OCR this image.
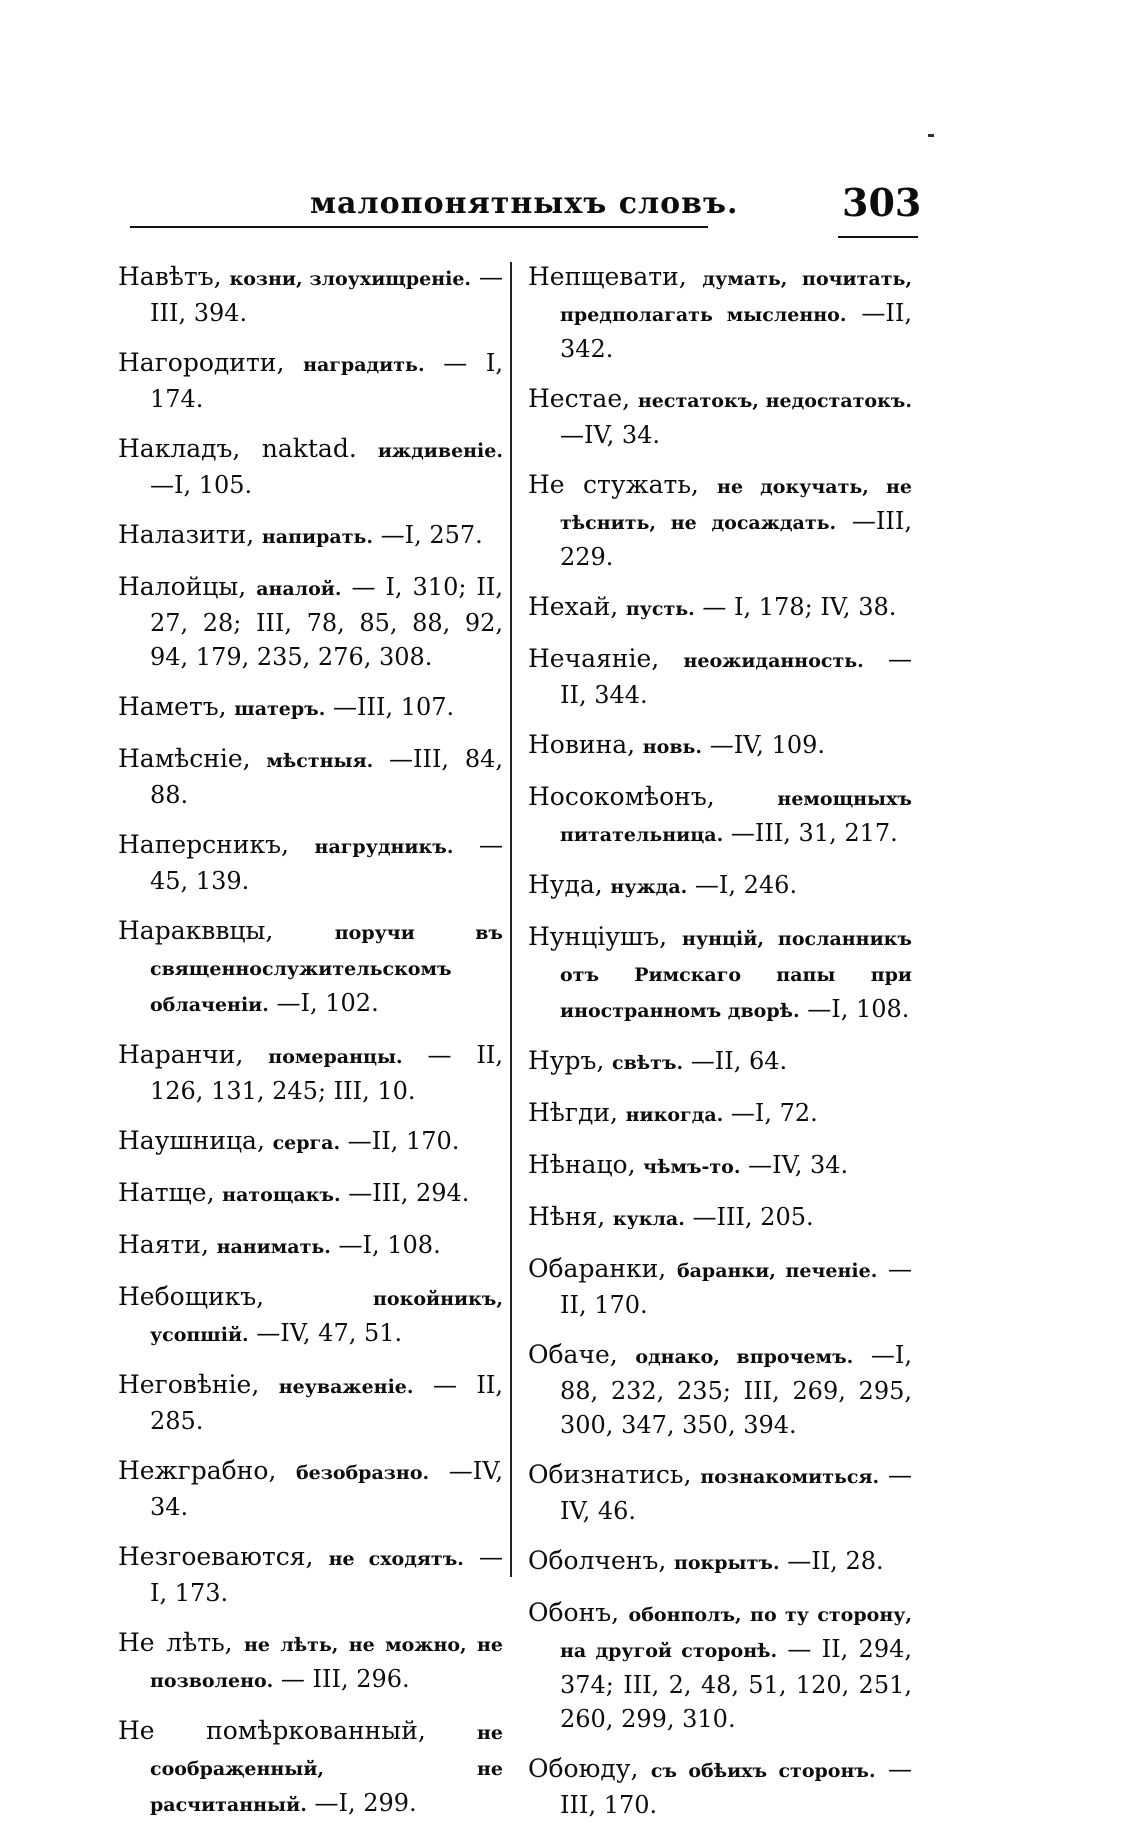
малопонятныхъ словъ.	303
Навѣтъ, козни, злоухищреніе. —III, 394.
Нагородити, наградить. — I, 174.
Накладъ, naktad. иждивеніе. —I, 105.
Налазити, напирать. —I, 257.
Налойцы, аналой. — I, 310; II, 27, 28; III, 78, 85, 88, 92, 94, 179, 235, 276, 308.
Наметъ, шатеръ. —III, 107.
Намѣсніе, мѣстныя. —III, 84, 88.
Наперсникъ, нагрудникъ. — 45, 139.
Наракввцы,	поручи въ священнослужительскомъ облаченіи. —I, 102.
Наранчи, померанцы. — II, 126, 131, 245; III, 10.
Наушница, серга. —II, 170.
Натще, натощакъ. —III, 294.
Наяти, нанимать. —I, 108.
Небощикъ,	покойникъ, усопшій. —IV, 47, 51.
Неговѣніе, неуваженіе. — II, 285.
Нежграбно, безобразно. —IV, 34.
Незгоеваются, не сходятъ. — I, 173.
Не лѣть, не лѣть, не можно, не позволено. — III, 296.
Не помѣркованный,	не сообраҗенный, не расчитанный. —I, 299.
Непщевати, думать, почитать, предполагать мысленно. —II, 342.
Нестае, нестатокъ, недостатокъ. —IV, 34.
Не стужать, не докучать, не тѣснить, не досаждать. —III, 229.
Нехай, пусть. — I, 178; IV, 38.
Нечаяніе, неожиданность. — II, 344.
Новина, новь. —IV, 109.
Носокомѣонъ,	немощныхъ питательница. —III, 31, 217.
Нуда, нужда. —I, 246.
Нунціушъ, нунцій, посланникъ отъ Римскаго папы при иностранномъ дворѣ. —I, 108.
Нуръ, свѣтъ. —II, 64.
Нѣгди, никогда. —I, 72.
Нѣнацо, чѣмъ-то. —IV, 34.
Нѣня, кукла. —III, 205.
Обаранки, баранки, печеніе. — II, 170.
Обаче, однако, впрочемъ. —I, 88, 232, 235; III, 269, 295, 300, 347, 350, 394.
Обизнатись, познакомиться. — IV, 46.
Оболченъ, покрытъ. —II, 28.
Обонъ, обонполъ, по ту сторону, на другой сторонѣ. — II, 294, 374; III, 2, 48, 51, 120, 251, 260, 299, 310.
Обоюду, съ обѣихъ сторонъ. — III, 170.
